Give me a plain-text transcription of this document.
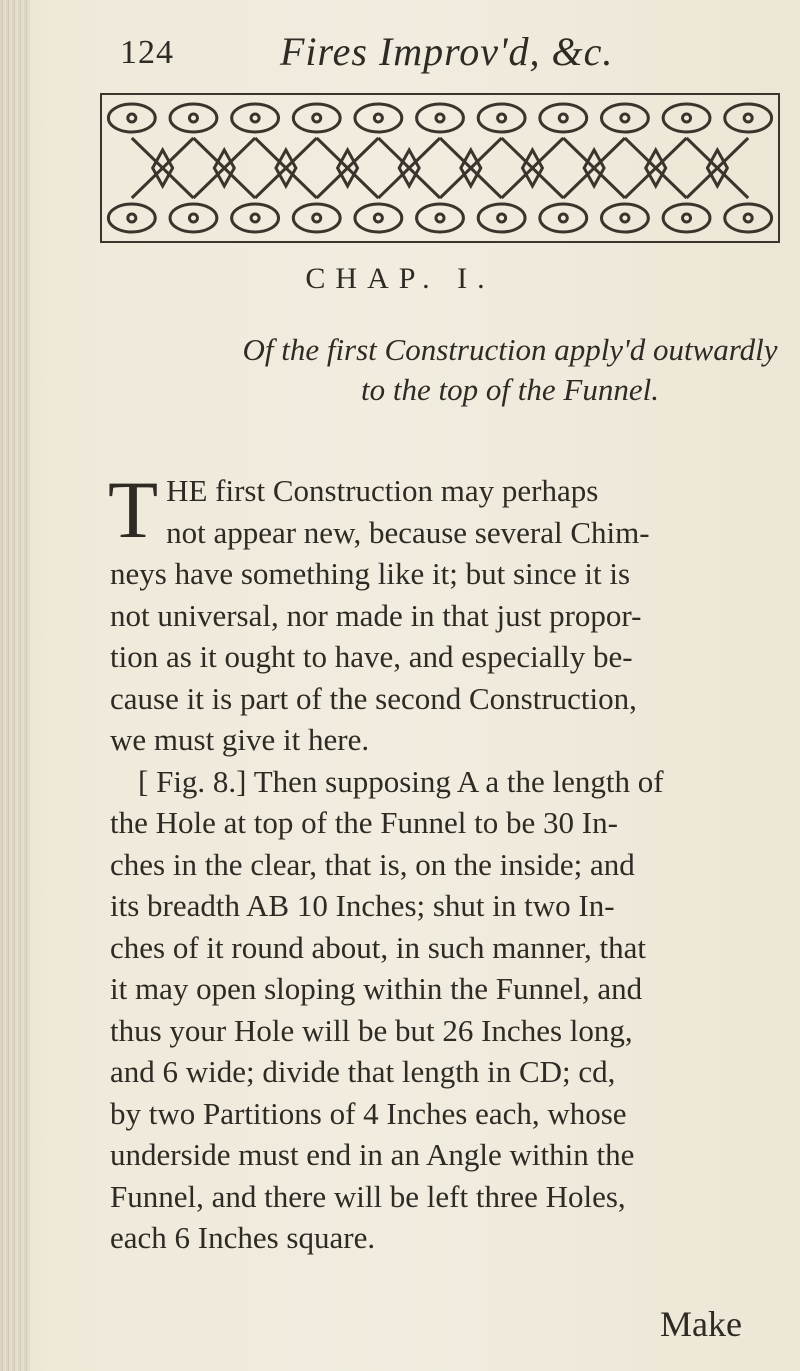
124	Fires Improv'd, &c.
CHAP. I.
Of the first Construction apply'd outwardly to the top of the Funnel.

T HE first Construction may perhaps
not appear new, because several Chim-
neys have something like it; but since it is
not universal, nor made in that just propor-
tion as it ought to have, and especially be-
cause it is part of the second Construction,
we must give it here.

[ Fig. 8.] Then supposing A a the length of
the Hole at top of the Funnel to be 30 In-
ches in the clear, that is, on the inside; and
its breadth AB 10 Inches; shut in two In-
ches of it round about, in such manner, that
it may open sloping within the Funnel, and
thus your Hole will be but 26 Inches long,
and 6 wide; divide that length in CD; cd,
by two Partitions of 4 Inches each, whose
underside must end in an Angle within the
Funnel, and there will be left three Holes,
each 6 Inches square.

Make
